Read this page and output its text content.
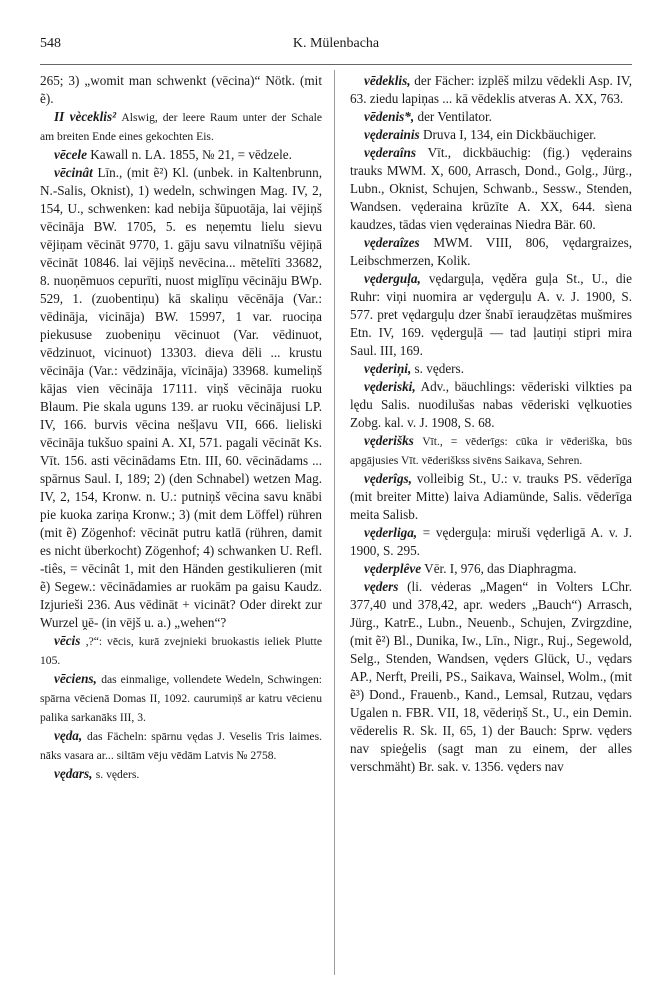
548	K. Mülenbacha

265; 3) „womit man schwenkt (vēcina)“ Nötk. (mit ẽ).

II vèceklis² Alswig, der leere Raum unter der Schale am breiten Ende eines gekochten Eis.

vēcele Kawall n. LA. 1855, № 21, = vēdzele.

vēcinât Līn., (mit ẽ²) Kl. (unbek. in Kaltenbrunn, N.-Salis, Oknist), 1) wedeln, schwingen Mag. IV, 2, 154, U., schwenken: kad nebija šūpuotāja, lai vējiņš vēcināja BW. 1705, 5. es neņemtu lielu sievu vējiņam vēcināt 9770, 1. gāju savu vilnatnīšu vējiņā vēcināt 10846. lai vējiņš nevēcina... mētelīti 33682, 8. nuoņēmuos cepurīti, nuost miglīņu vēcināju BWp. 529, 1. (zuobentiņu) kā skaliņu vēcēnāja (Var.: vēdināja, vicināja) BW. 15997, 1 var. ruociņa piekususe zuobeniņu vēcinuot (Var. vēdinuot, vēdzinuot, vicinuot) 13303. dieva dēli ... krustu vēcināja (Var.: vēdzināja, vīcināja) 33968. kumeliņš kājas vien vēcināja 17111. viņš vēcināja ruoku Blaum. Pie skala uguns 139. ar ruoku vēcinājusi LP. IV, 166. burvis vēcina nešļavu VII, 666. lieliski vēcināja tukšuo spaini A. XI, 571. pagali vēcināt Ks. Vīt. 156. asti vēcinādams Etn. III, 60. vēcinādams ... spārnus Saul. I, 189; 2) (den Schnabel) wetzen Mag. IV, 2, 154, Kronw. n. U.: putniņš vēcina savu knābi pie kuoka zariņa Kronw.; 3) (mit dem Löffel) rühren (mit ẽ) Zögenhof: vēcināt putru katlā (rühren, damit es nicht überkocht) Zögenhof; 4) schwanken U. Refl. -tiês, = vēcinât 1, mit den Händen gestikulieren (mit ẽ) Segew.: vēcinādamies ar ruokām pa gaisu Kaudz. Izjurieši 236. Aus vēdināt + vicināt? Oder direkt zur Wurzel ṷē- (in vējš u. a.) „wehen“?

vēcis ,?“: vēcis, kurā zvejnieki bruokastis ieliek Plutte 105.

vēciens, das einmalige, vollendete Wedeln, Schwingen: spārna vēcienā Domas II, 1092. caurumiņš ar katru vēcienu palika sarkanāks III, 3.

vęda, das Fächeln: spārnu vędas J. Veselis Tris laimes. nāks vasara ar... siltām vēju vēdām Latvis № 2758.

vędars, s. vęders.

vēdeklis, der Fächer: izplēš milzu vēdekli Asp. IV, 63. ziedu lapiņas ... kā vēdeklis atveras A. XX, 763.

vēdenis*, der Ventilator.

vęderainis Druva I, 134, ein Dickbäuchiger.

vęderaîns Vīt., dickbäuchig: (fig.) vęderains trauks MWM. X, 600, Arrasch, Dond., Golg., Jürg., Lubn., Oknist, Schujen, Schwanb., Sessw., Stenden, Wandsen. vęderaina krūzīte A. XX, 644. sìena kaudzes, tādas vien vęderainas Niedra Bär. 60.

vęderaîzes MWM. VIII, 806, vędargraizes, Leibschmerzen, Kolik.

vęderguļa, vędarguļa, vęděra guļa St., U., die Ruhr: viņi nuomira ar vęderguļu A. v. J. 1900, S. 577. pret vędarguļu dzer šnabī ierauḑzētas mušmires Etn. IV, 169. vęderguļā — tad ļautiņi stipri mira Saul. III, 169.

vęderiņi, s. vęders.

vęderiski, Adv., bäuchlings: vēderiski vilkties pa lędu Salis. nuodilušas nabas vēderiski vęlkuoties Zobg. kal. v. J. 1908, S. 68.

vęderišks Vīt., = vēderīgs: cūka ir vēderiška, būs apgājusies Vīt. vēderiškss sivēns Saikava, Sehren.

vęderîgs, volleibig St., U.: v. trauks PS. vēderīga (mit breiter Mitte) laiva Adiamünde, Salis. vēderīga meita Salisb.

vęderliga, = vęderguļa: miruši vęderligā A. v. J. 1900, S. 295.

vęderplêve Vēr. I, 976, das Diaphragma.

vęders (li. vėderas „Magen“ in Volters LChr. 377,40 und 378,42, apr. weders „Bauch“) Arrasch, Jürg., KatrE., Lubn., Neuenb., Schujen, Zvirgzdine, (mit ẽ²) Bl., Dunika, Iw., Līn., Nigr., Ruj., Segewold, Selg., Stenden, Wandsen, vęders Glück, U., vędars AP., Nerft, Preili, PS., Saikava, Wainsel, Wolm., (mit ẽ³) Dond., Frauenb., Kand., Lemsal, Rutzau, vędars Ugalen n. FBR. VII, 18, vēderiņš St., U., ein Demin. vēderelis R. Sk. II, 65, 1) der Bauch: Sprw. vęders nav spieģelis (sagt man zu einem, der alles verschmäht) Br. sak. v. 1356. vęders nav
